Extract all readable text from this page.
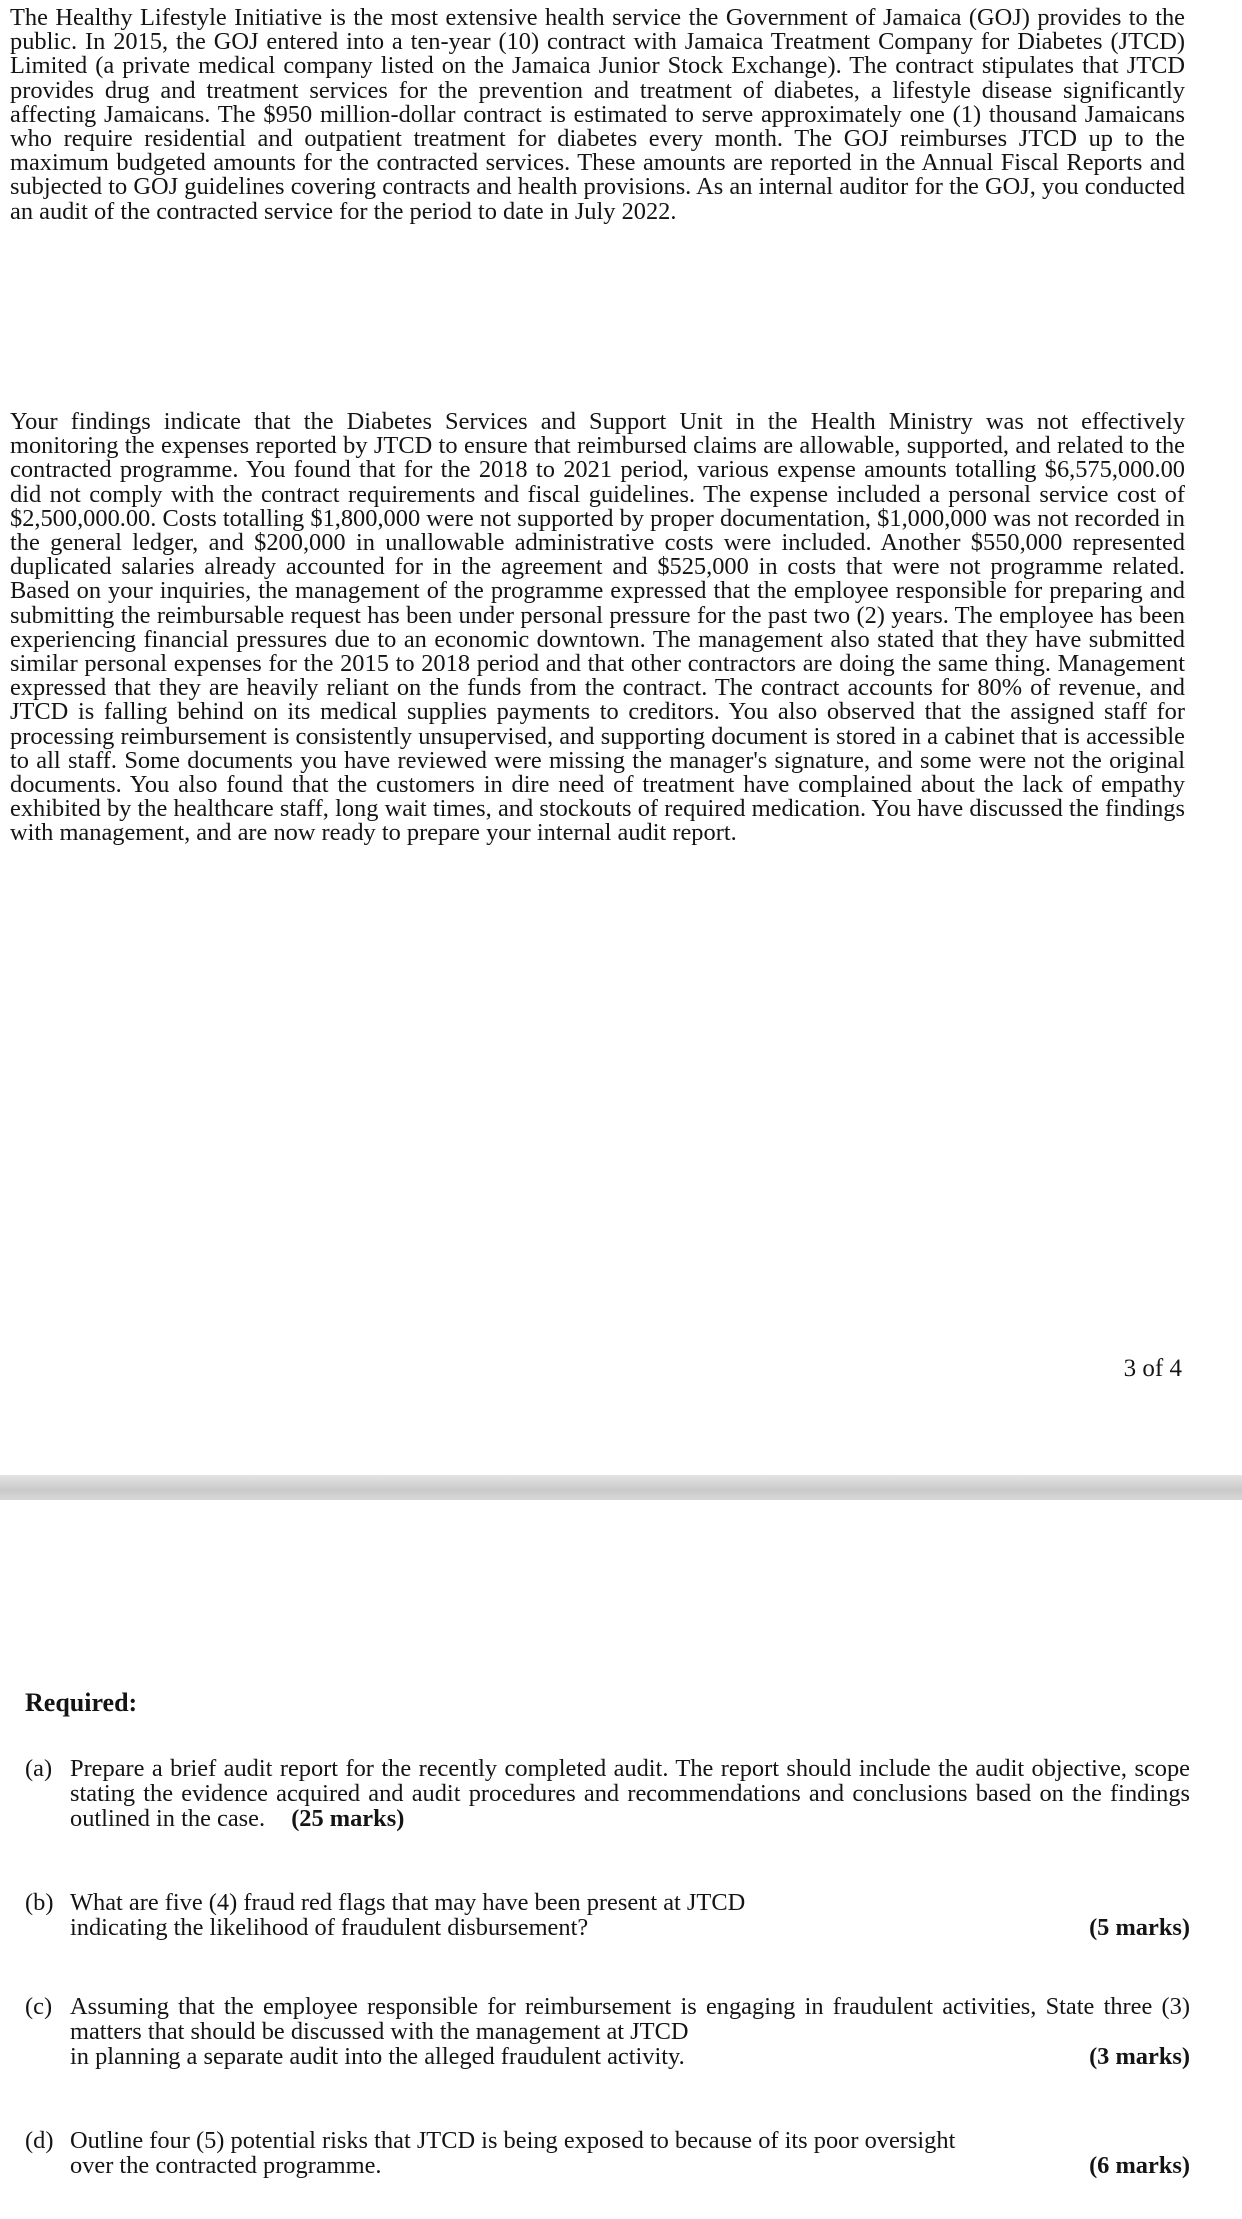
The Healthy Lifestyle Initiative is the most extensive health service the Government of Jamaica (GOJ) provides to the public. In 2015, the GOJ entered into a ten-year (10) contract with Jamaica Treatment Company for Diabetes (JTCD) Limited (a private medical company listed on the Jamaica Junior Stock Exchange). The contract stipulates that JTCD provides drug and treatment services for the prevention and treatment of diabetes, a lifestyle disease significantly affecting Jamaicans. The $950 million-dollar contract is estimated to serve approximately one (1) thousand Jamaicans who require residential and outpatient treatment for diabetes every month. The GOJ reimburses JTCD up to the maximum budgeted amounts for the contracted services. These amounts are reported in the Annual Fiscal Reports and subjected to GOJ guidelines covering contracts and health provisions. As an internal auditor for the GOJ, you conducted an audit of the contracted service for the period to date in July 2022.

Your findings indicate that the Diabetes Services and Support Unit in the Health Ministry was not effectively monitoring the expenses reported by JTCD to ensure that reimbursed claims are allowable, supported, and related to the contracted programme. You found that for the 2018 to 2021 period, various expense amounts totalling $6,575,000.00 did not comply with the contract requirements and fiscal guidelines. The expense included a personal service cost of $2,500,000.00. Costs totalling $1,800,000 were not supported by proper documentation, $1,000,000 was not recorded in the general ledger, and $200,000 in unallowable administrative costs were included. Another $550,000 represented duplicated salaries already accounted for in the agreement and $525,000 in costs that were not programme related. Based on your inquiries, the management of the programme expressed that the employee responsible for preparing and submitting the reimbursable request has been under personal pressure for the past two (2) years. The employee has been experiencing financial pressures due to an economic downtown. The management also stated that they have submitted similar personal expenses for the 2015 to 2018 period and that other contractors are doing the same thing. Management expressed that they are heavily reliant on the funds from the contract. The contract accounts for 80% of revenue, and JTCD is falling behind on its medical supplies payments to creditors. You also observed that the assigned staff for processing reimbursement is consistently unsupervised, and supporting document is stored in a cabinet that is accessible to all staff. Some documents you have reviewed were missing the manager's signature, and some were not the original documents. You also found that the customers in dire need of treatment have complained about the lack of empathy exhibited by the healthcare staff, long wait times, and stockouts of required medication. You have discussed the findings with management, and are now ready to prepare your internal audit report.

3 of 4
Required:
(a) Prepare a brief audit report for the recently completed audit. The report should include the audit objective, scope stating the evidence acquired and audit procedures and recommendations and conclusions based on the findings outlined in the case. (25 marks)
(b) What are five (4) fraud red flags that may have been present at JTCD
indicating the likelihood of fraudulent disbursement?	(5 marks)
(c) Assuming that the employee responsible for reimbursement is engaging in fraudulent activities, State three (3) matters that should be discussed with the management at JTCD
in planning a separate audit into the alleged fraudulent activity.	(3 marks)
(d) Outline four (5) potential risks that JTCD is being exposed to because of its poor oversight
over the contracted programme.	(6 marks)
